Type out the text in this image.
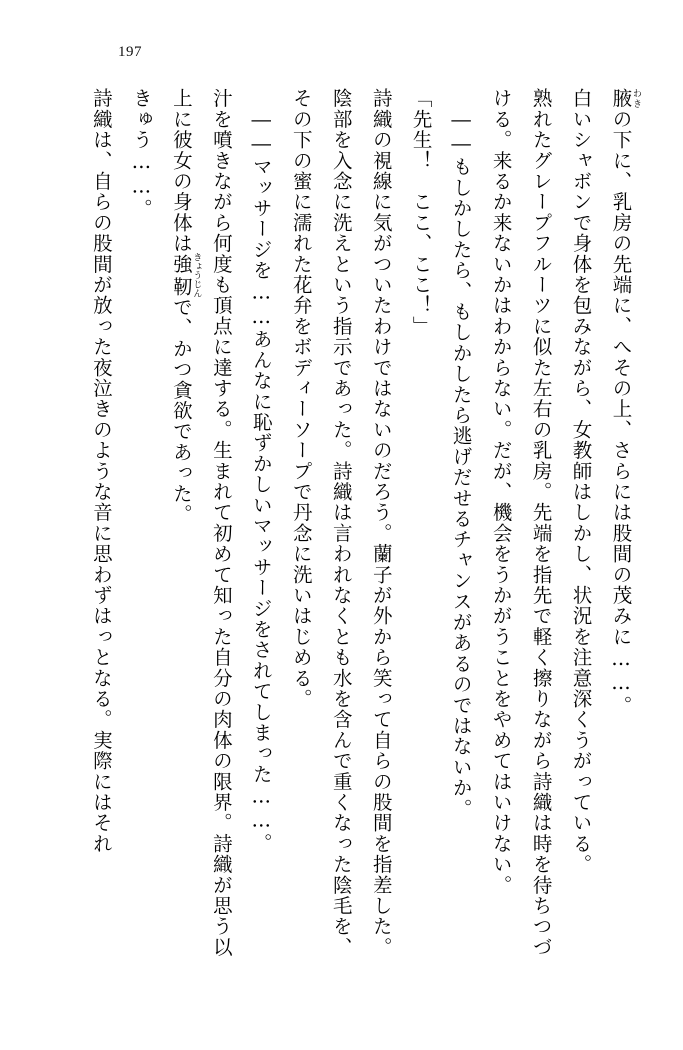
197

腋わきの下に、乳房の先端に、へその上、さらには股間の茂みに……。

白いシャボンで身体を包みながら、女教師はしかし、状況を注意深くうがっている。

熟れたグレープフルーツに似た左右の乳房。先端を指先で軽く擦りながら詩織は時を待ちつづける。来るか来ないかはわからない。だが、機会をうかがうことをやめてはいけない。

――もしかしたら、もしかしたら逃げだせるチャンスがあるのではないか。

「先生！　ここ、ここ！」

詩織の視線に気がついたわけではないのだろう。蘭子が外から笑って自らの股間を指差した。陰部を入念に洗えという指示であった。詩織は言われなくとも水を含んで重くなった陰毛を、その下の蜜に濡れた花弁をボディーソープで丹念に洗いはじめる。

――マッサージを……あんなに恥ずかしいマッサージをされてしまった……。

汁を噴きながら何度も頂点に達する。生まれて初めて知った自分の肉体の限界。詩織が思う以上に彼女の身体は強靭きょうじんで、かつ貪欲であった。

きゅう……。

詩織は、自らの股間が放った夜泣きのような音に思わずはっとなる。実際にはそれ
